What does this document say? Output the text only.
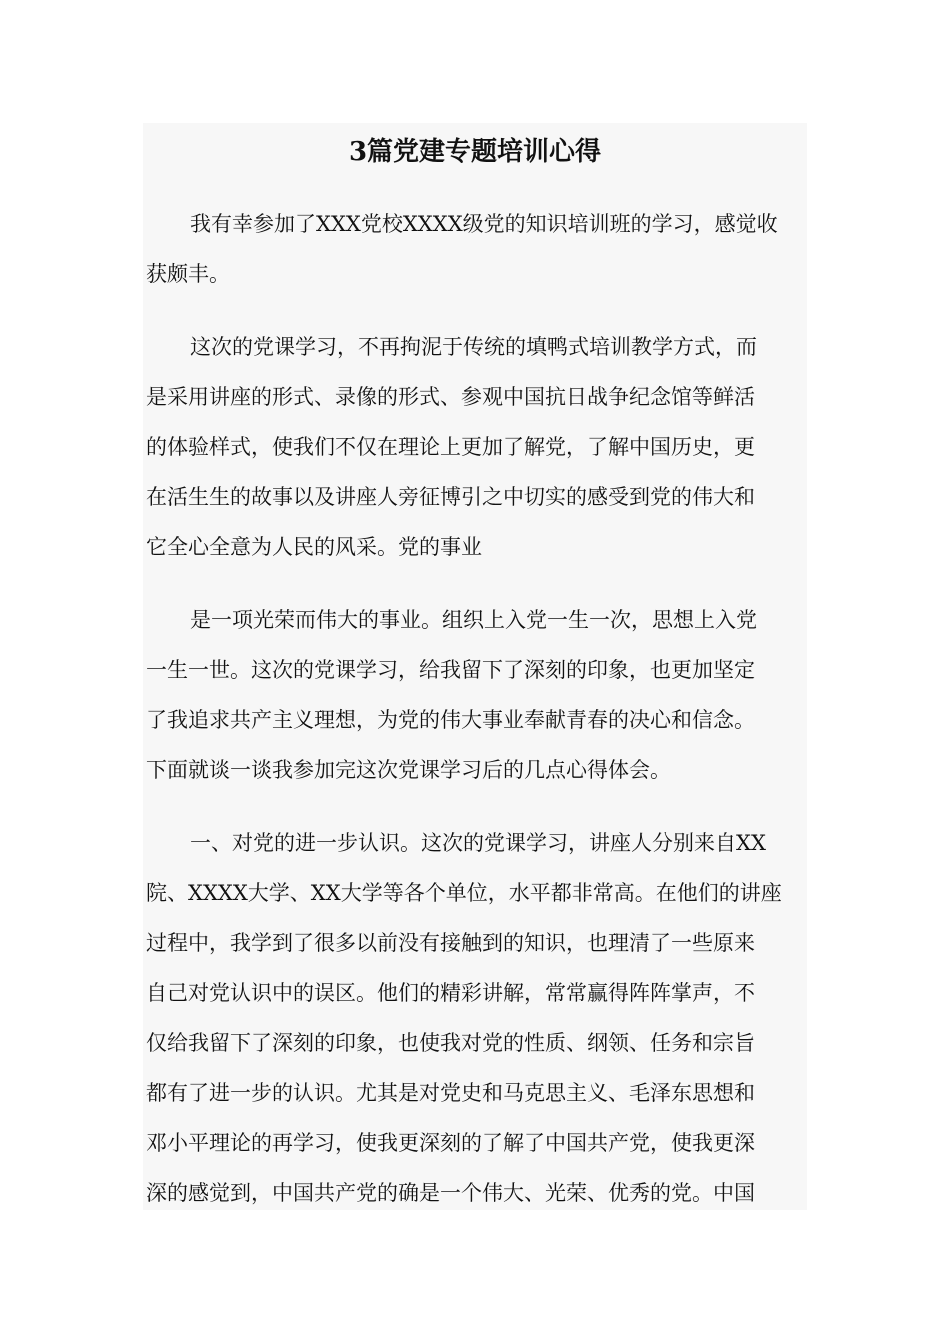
3篇党建专题培训心得

我有幸参加了XXX党校XXXX级党的知识培训班的学习，感觉收
获颇丰。

这次的党课学习，不再拘泥于传统的填鸭式培训教学方式，而
是采用讲座的形式、录像的形式、参观中国抗日战争纪念馆等鲜活
的体验样式，使我们不仅在理论上更加了解党，了解中国历史，更
在活生生的故事以及讲座人旁征博引之中切实的感受到党的伟大和
它全心全意为人民的风采。党的事业

是一项光荣而伟大的事业。组织上入党一生一次，思想上入党
一生一世。这次的党课学习，给我留下了深刻的印象，也更加坚定
了我追求共产主义理想，为党的伟大事业奉献青春的决心和信念。
下面就谈一谈我参加完这次党课学习后的几点心得体会。

一、对党的进一步认识。这次的党课学习，讲座人分别来自XX
院、XXXX大学、XX大学等各个单位，水平都非常高。在他们的讲座
过程中，我学到了很多以前没有接触到的知识，也理清了一些原来
自己对党认识中的误区。他们的精彩讲解，常常赢得阵阵掌声，不
仅给我留下了深刻的印象，也使我对党的性质、纲领、任务和宗旨
都有了进一步的认识。尤其是对党史和马克思主义、毛泽东思想和
邓小平理论的再学习，使我更深刻的了解了中国共产党，使我更深
深的感觉到，中国共产党的确是一个伟大、光荣、优秀的党。中国
